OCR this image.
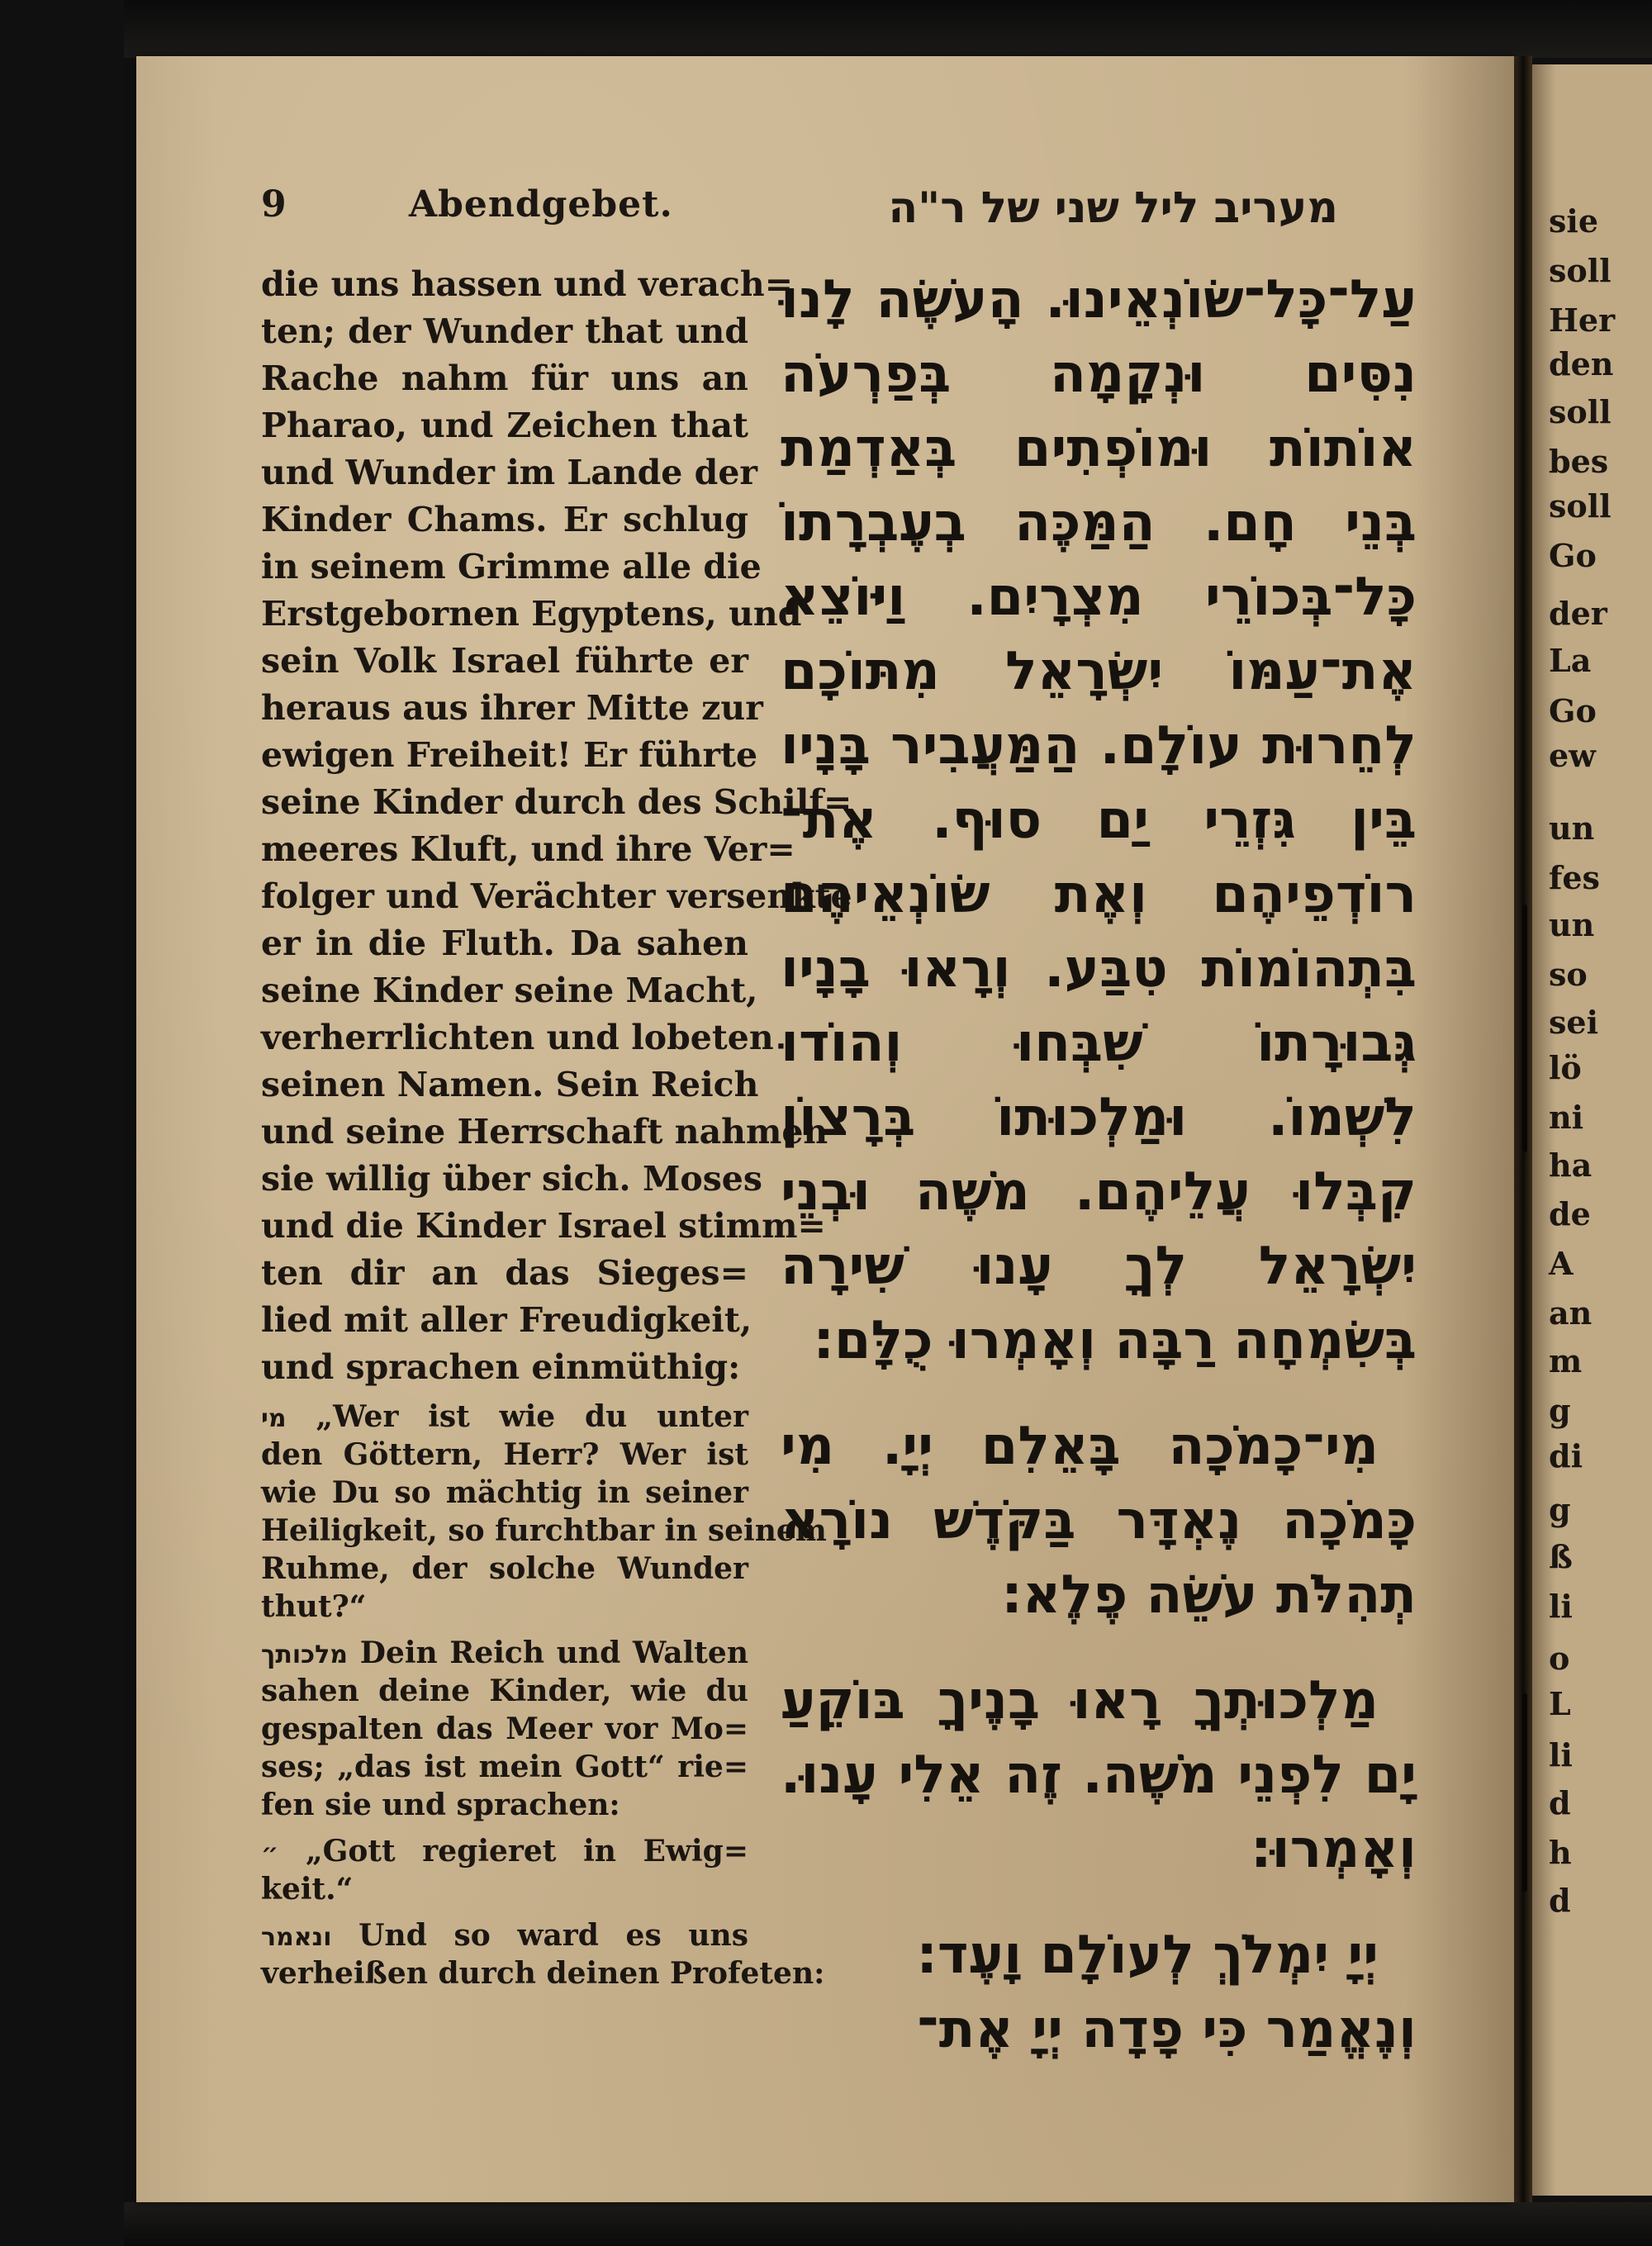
sie
soll
Her
den
soll
bes
soll
Go
der
La
Go
ew
un
fes
un
so
sei
lö
ni
ha
de
A
an
m
g
di
g
ß
li
o
L
li
d
h
d
9	Abendgebet.	מעריב ליל שני של ר"ה
die uns hassen und verach=
ten; der Wunder that und
Rache nahm für uns an
Pharao, und Zeichen that
und Wunder im Lande der
Kinder Chams. Er schlug
in seinem Grimme alle die
Erstgebornen Egyptens, und
sein Volk Israel führte er
heraus aus ihrer Mitte zur
ewigen Freiheit! Er führte
seine Kinder durch des Schilf=
meeres Kluft, und ihre Ver=
folger und Verächter versenkte
er in die Fluth. Da sahen
seine Kinder seine Macht,
verherrlichten und lobeten
seinen Namen. Sein Reich
und seine Herrschaft nahmen
sie willig über sich. Moses
und die Kinder Israel stimm=
ten dir an das Sieges=
lied mit aller Freudigkeit,
und sprachen einmüthig:
מי „Wer ist wie du unter
den Göttern, Herr? Wer ist
wie Du so mächtig in seiner
Heiligkeit, so furchtbar in seinem
Ruhme, der solche Wunder
thut?“
מלכותך Dein Reich und Walten
sahen deine Kinder, wie du
gespalten das Meer vor Mo=
ses; „das ist mein Gott“ rie=
fen sie und sprachen:
״ „Gott regieret in Ewig=
keit.“
ונאמר Und so ward es uns
verheißen durch deinen Profeten:
עַל־כָּל־שׂוֹנְאֵינוּ. הָעֹשֶׂה לָנוּ
נִסִּים וּנְקָמָה בְּפַרְעֹה
אוֹתוֹת וּמוֹפְתִים בְּאַדְמַת
בְּנֵי חָם. הַמַּכֶּה בְעֶבְרָתוֹ
כָּל־בְּכוֹרֵי מִצְרָיִם. וַיּוֹצֵא
אֶת־עַמּוֹ יִשְׂרָאֵל מִתּוֹכָם
לְחֵרוּת עוֹלָם. הַמַּעֲבִיר בָּנָיו
בֵּין גִּזְרֵי יַם סוּף. אֶת־
רוֹדְפֵיהֶם וְאֶת שׂוֹנְאֵיהֶם
בִּתְהוֹמוֹת טִבַּע. וְרָאוּ בָנָיו
גְּבוּרָתוֹ שִׁבְּחוּ וְהוֹדוּ
לִשְׁמוֹ. וּמַלְכוּתוֹ בְּרָצוֹן
קִבְּלוּ עֲלֵיהֶם. מֹשֶׁה וּבְנֵי
יִשְׂרָאֵל לְךָ עָנוּ שִׁירָה
בְּשִׂמְחָה רַבָּה וְאָמְרוּ כֻלָּם:
מִי־כָמֹכָה בָּאֵלִם יְיָ. מִי
כָּמֹכָה נֶאְדָּר בַּקֹּדֶשׁ נוֹרָא
תְהִלֹּת עֹשֵׂה פֶלֶא:
מַלְכוּתְךָ רָאוּ בָנֶיךָ בּוֹקֵעַ
יָם לִפְנֵי מֹשֶׁה. זֶה אֵלִי עָנוּ.
וְאָמְרוּ:
יְיָ יִמְלֹךְ לְעוֹלָם וָעֶד:
וְנֶאֱמַר כִּי פָדָה יְיָ אֶת־
